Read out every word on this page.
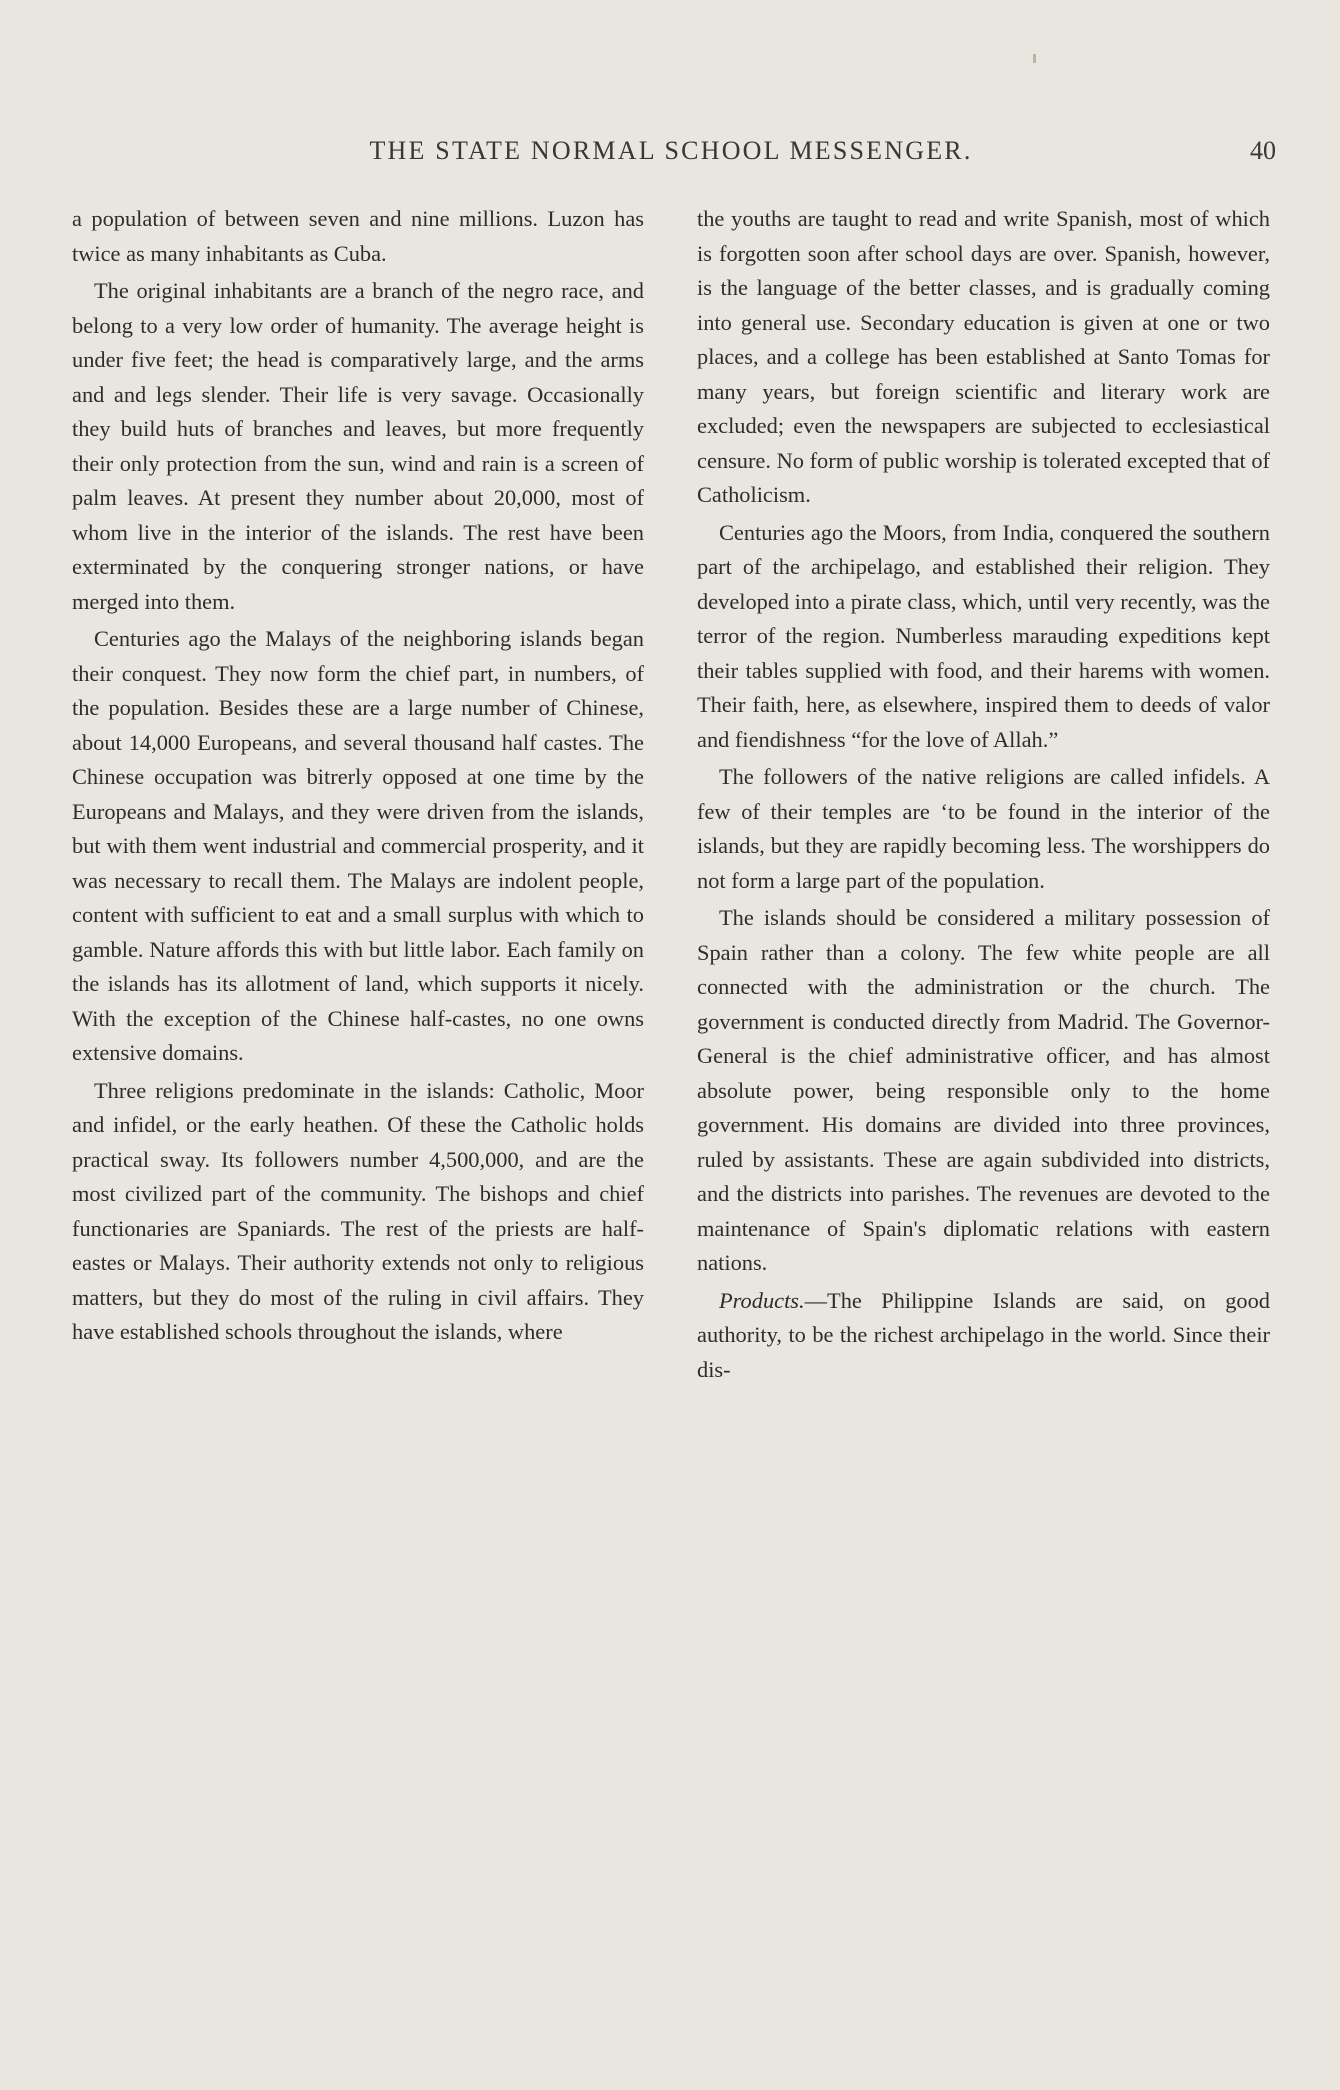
THE STATE NORMAL SCHOOL MESSENGER.	40

a population of between seven and nine millions. Luzon has twice as many inhabitants as Cuba.

The original inhabitants are a branch of the negro race, and belong to a very low order of humanity. The average height is under five feet; the head is comparatively large, and the arms and and legs slender. Their life is very savage. Occasionally they build huts of branches and leaves, but more frequently their only protection from the sun, wind and rain is a screen of palm leaves. At present they number about 20,000, most of whom live in the interior of the islands. The rest have been exterminated by the conquering stronger nations, or have merged into them.

Centuries ago the Malays of the neighboring islands began their conquest. They now form the chief part, in numbers, of the population. Besides these are a large number of Chinese, about 14,000 Europeans, and several thousand half castes. The Chinese occupation was bitrerly opposed at one time by the Europeans and Malays, and they were driven from the islands, but with them went industrial and commercial prosperity, and it was necessary to recall them. The Malays are indolent people, content with sufficient to eat and a small surplus with which to gamble. Nature affords this with but little labor. Each family on the islands has its allotment of land, which supports it nicely. With the exception of the Chinese half-castes, no one owns extensive domains.

Three religions predominate in the islands: Catholic, Moor and infidel, or the early heathen. Of these the Catholic holds practical sway. Its followers number 4,500,000, and are the most civilized part of the community. The bishops and chief functionaries are Spaniards. The rest of the priests are half-eastes or Malays. Their authority extends not only to religious matters, but they do most of the ruling in civil affairs. They have established schools throughout the islands, where

the youths are taught to read and write Spanish, most of which is forgotten soon after school days are over. Spanish, however, is the language of the better classes, and is gradually coming into general use. Secondary education is given at one or two places, and a college has been established at Santo Tomas for many years, but foreign scientific and literary work are excluded; even the newspapers are subjected to ecclesiastical censure. No form of public worship is tolerated excepted that of Catholicism.

Centuries ago the Moors, from India, conquered the southern part of the archipelago, and established their religion. They developed into a pirate class, which, until very recently, was the terror of the region. Numberless marauding expeditions kept their tables supplied with food, and their harems with women. Their faith, here, as elsewhere, inspired them to deeds of valor and fiendishness “for the love of Allah.”

The followers of the native religions are called infidels. A few of their temples are ‘to be found in the interior of the islands, but they are rapidly becoming less. The worshippers do not form a large part of the population.

The islands should be considered a military possession of Spain rather than a colony. The few white people are all connected with the administration or the church. The government is conducted directly from Madrid. The Governor-General is the chief administrative officer, and has almost absolute power, being responsible only to the home government. His domains are divided into three provinces, ruled by assistants. These are again subdivided into districts, and the districts into parishes. The revenues are devoted to the maintenance of Spain's diplomatic relations with eastern nations.

Products.—The Philippine Islands are said, on good authority, to be the richest archipelago in the world. Since their dis-
